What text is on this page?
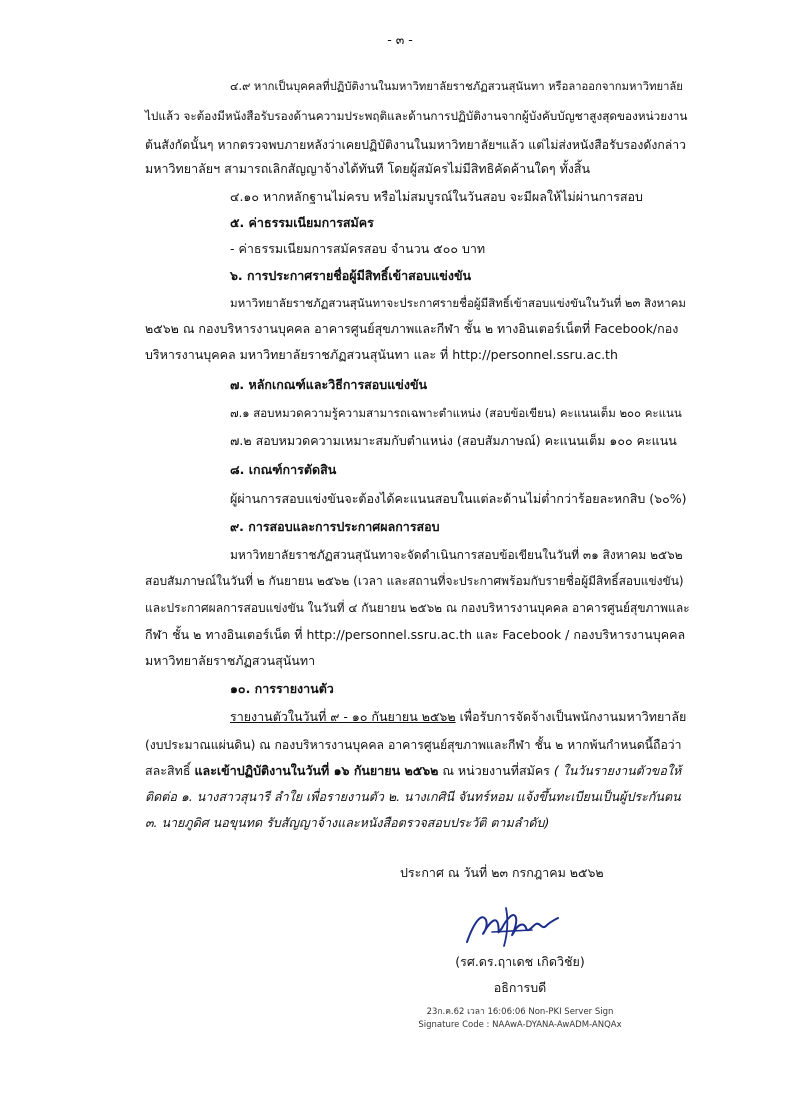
- ๓ -
๔.๙ หากเป็นบุคคลที่ปฏิบัติงานในมหาวิทยาลัยราชภัฏสวนสุนันทา หรือลาออกจากมหาวิทยาลัย
ไปแล้ว จะต้องมีหนังสือรับรองด้านความประพฤติและด้านการปฏิบัติงานจากผู้บังคับบัญชาสูงสุดของหน่วยงาน
ต้นสังกัดนั้นๆ หากตรวจพบภายหลังว่าเคยปฏิบัติงานในมหาวิทยาลัยฯแล้ว แต่ไม่ส่งหนังสือรับรองดังกล่าว
มหาวิทยาลัยฯ สามารถเลิกสัญญาจ้างได้ทันที โดยผู้สมัครไม่มีสิทธิคัดค้านใดๆ ทั้งสิ้น
๔.๑๐ หากหลักฐานไม่ครบ หรือไม่สมบูรณ์ในวันสอบ จะมีผลให้ไม่ผ่านการสอบ
๕. ค่าธรรมเนียมการสมัคร
- ค่าธรรมเนียมการสมัครสอบ จำนวน ๕๐๐ บาท
๖. การประกาศรายชื่อผู้มีสิทธิ์เข้าสอบแข่งขัน
มหาวิทยาลัยราชภัฏสวนสุนันทาจะประกาศรายชื่อผู้มีสิทธิ์เข้าสอบแข่งขันในวันที่ ๒๓ สิงหาคม
๒๕๖๒ ณ กองบริหารงานบุคคล อาคารศูนย์สุขภาพและกีฬา ชั้น ๒ ทางอินเตอร์เน็ตที่ Facebook/กอง
บริหารงานบุคคล มหาวิทยาลัยราชภัฏสวนสุนันทา และ ที่ http://personnel.ssru.ac.th
๗. หลักเกณฑ์และวิธีการสอบแข่งขัน
๗.๑ สอบหมวดความรู้ความสามารถเฉพาะตำแหน่ง (สอบข้อเขียน) คะแนนเต็ม ๒๐๐ คะแนน
๗.๒ สอบหมวดความเหมาะสมกับตำแหน่ง (สอบสัมภาษณ์) คะแนนเต็ม ๑๐๐ คะแนน
๘. เกณฑ์การตัดสิน
ผู้ผ่านการสอบแข่งขันจะต้องได้คะแนนสอบในแต่ละด้านไม่ต่ำกว่าร้อยละหกสิบ (๖๐%)
๙. การสอบและการประกาศผลการสอบ
มหาวิทยาลัยราชภัฏสวนสุนันทาจะจัดดำเนินการสอบข้อเขียนในวันที่ ๓๑ สิงหาคม ๒๕๖๒
สอบสัมภาษณ์ในวันที่ ๒ กันยายน ๒๕๖๒ (เวลา และสถานที่จะประกาศพร้อมกับรายชื่อผู้มีสิทธิ์สอบแข่งขัน)
และประกาศผลการสอบแข่งขัน ในวันที่ ๔ กันยายน ๒๕๖๒ ณ กองบริหารงานบุคคล อาคารศูนย์สุขภาพและ
กีฬา ชั้น ๒ ทางอินเตอร์เน็ต ที่ http://personnel.ssru.ac.th และ Facebook / กองบริหารงานบุคคล
มหาวิทยาลัยราชภัฏสวนสุนันทา
๑๐. การรายงานตัว
รายงานตัวในวันที่ ๙ - ๑๐ กันยายน ๒๕๖๒ เพื่อรับการจัดจ้างเป็นพนักงานมหาวิทยาลัย
(งบประมาณแผ่นดิน) ณ กองบริหารงานบุคคล อาคารศูนย์สุขภาพและกีฬา ชั้น ๒ หากพ้นกำหนดนี้ถือว่า
สละสิทธิ์ และเข้าปฏิบัติงานในวันที่ ๑๖ กันยายน ๒๕๖๒ ณ หน่วยงานที่สมัคร ( ในวันรายงานตัวขอให้
ติดต่อ ๑. นางสาวสุนารี ลำใย เพื่อรายงานตัว ๒. นางเกศินี จันทร์หอม แจ้งขึ้นทะเบียนเป็นผู้ประกันตน
๓. นายภูดิศ นอขุนทด รับสัญญาจ้างและหนังสือตรวจสอบประวัติ ตามลำดับ)
ประกาศ ณ วันที่ ๒๓ กรกฎาคม ๒๕๖๒
(รศ.ดร.ฤาเดช เกิดวิชัย)
อธิการบดี
23ก.ค.62 เวลา 16:06:06 Non-PKI Server Sign
Signature Code : NAAwA-DYANA-AwADM-ANQAx
